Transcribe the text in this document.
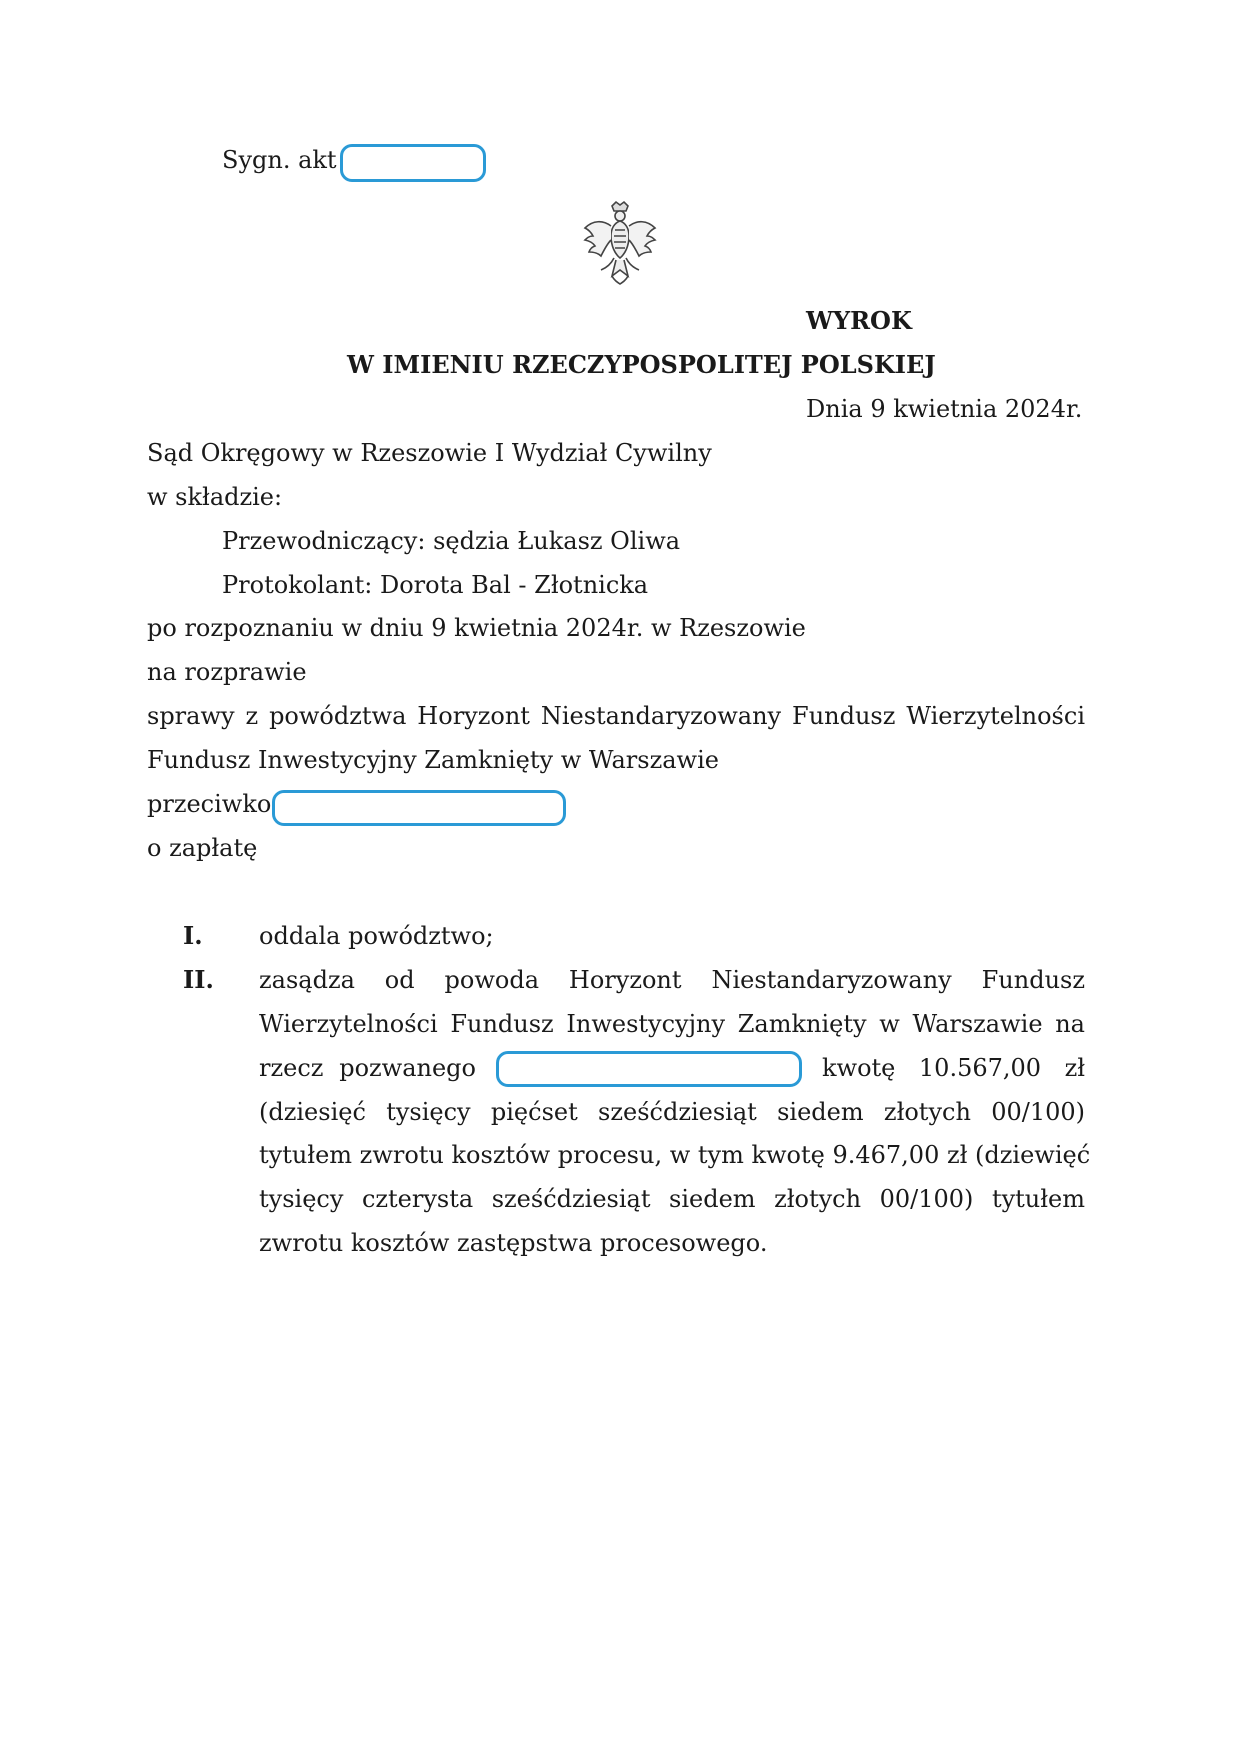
Sygn. akt
WYROK
W IMIENIU RZECZYPOSPOLITEJ POLSKIEJ
Dnia 9 kwietnia 2024r.
Sąd Okręgowy w Rzeszowie I Wydział Cywilny
w składzie:
Przewodniczący: sędzia Łukasz Oliwa
Protokolant: Dorota Bal - Złotnicka
po rozpoznaniu w dniu 9 kwietnia 2024r. w Rzeszowie
na rozprawie
sprawy z powództwa Horyzont Niestandaryzowany Fundusz Wierzytelności
Fundusz Inwestycyjny Zamknięty w Warszawie
przeciwko
o zapłatę
I. oddala powództwo;
II. zasądza od powoda Horyzont Niestandaryzowany Fundusz
Wierzytelności Fundusz Inwestycyjny Zamknięty w Warszawie na
rzecz pozwanego	kwotę 10.567,00 zł
(dziesięć tysięcy pięćset sześćdziesiąt siedem złotych 00/100)
tytułem zwrotu kosztów procesu, w tym kwotę 9.467,00 zł (dziewięć
tysięcy czterysta sześćdziesiąt siedem złotych 00/100) tytułem
zwrotu kosztów zastępstwa procesowego.
